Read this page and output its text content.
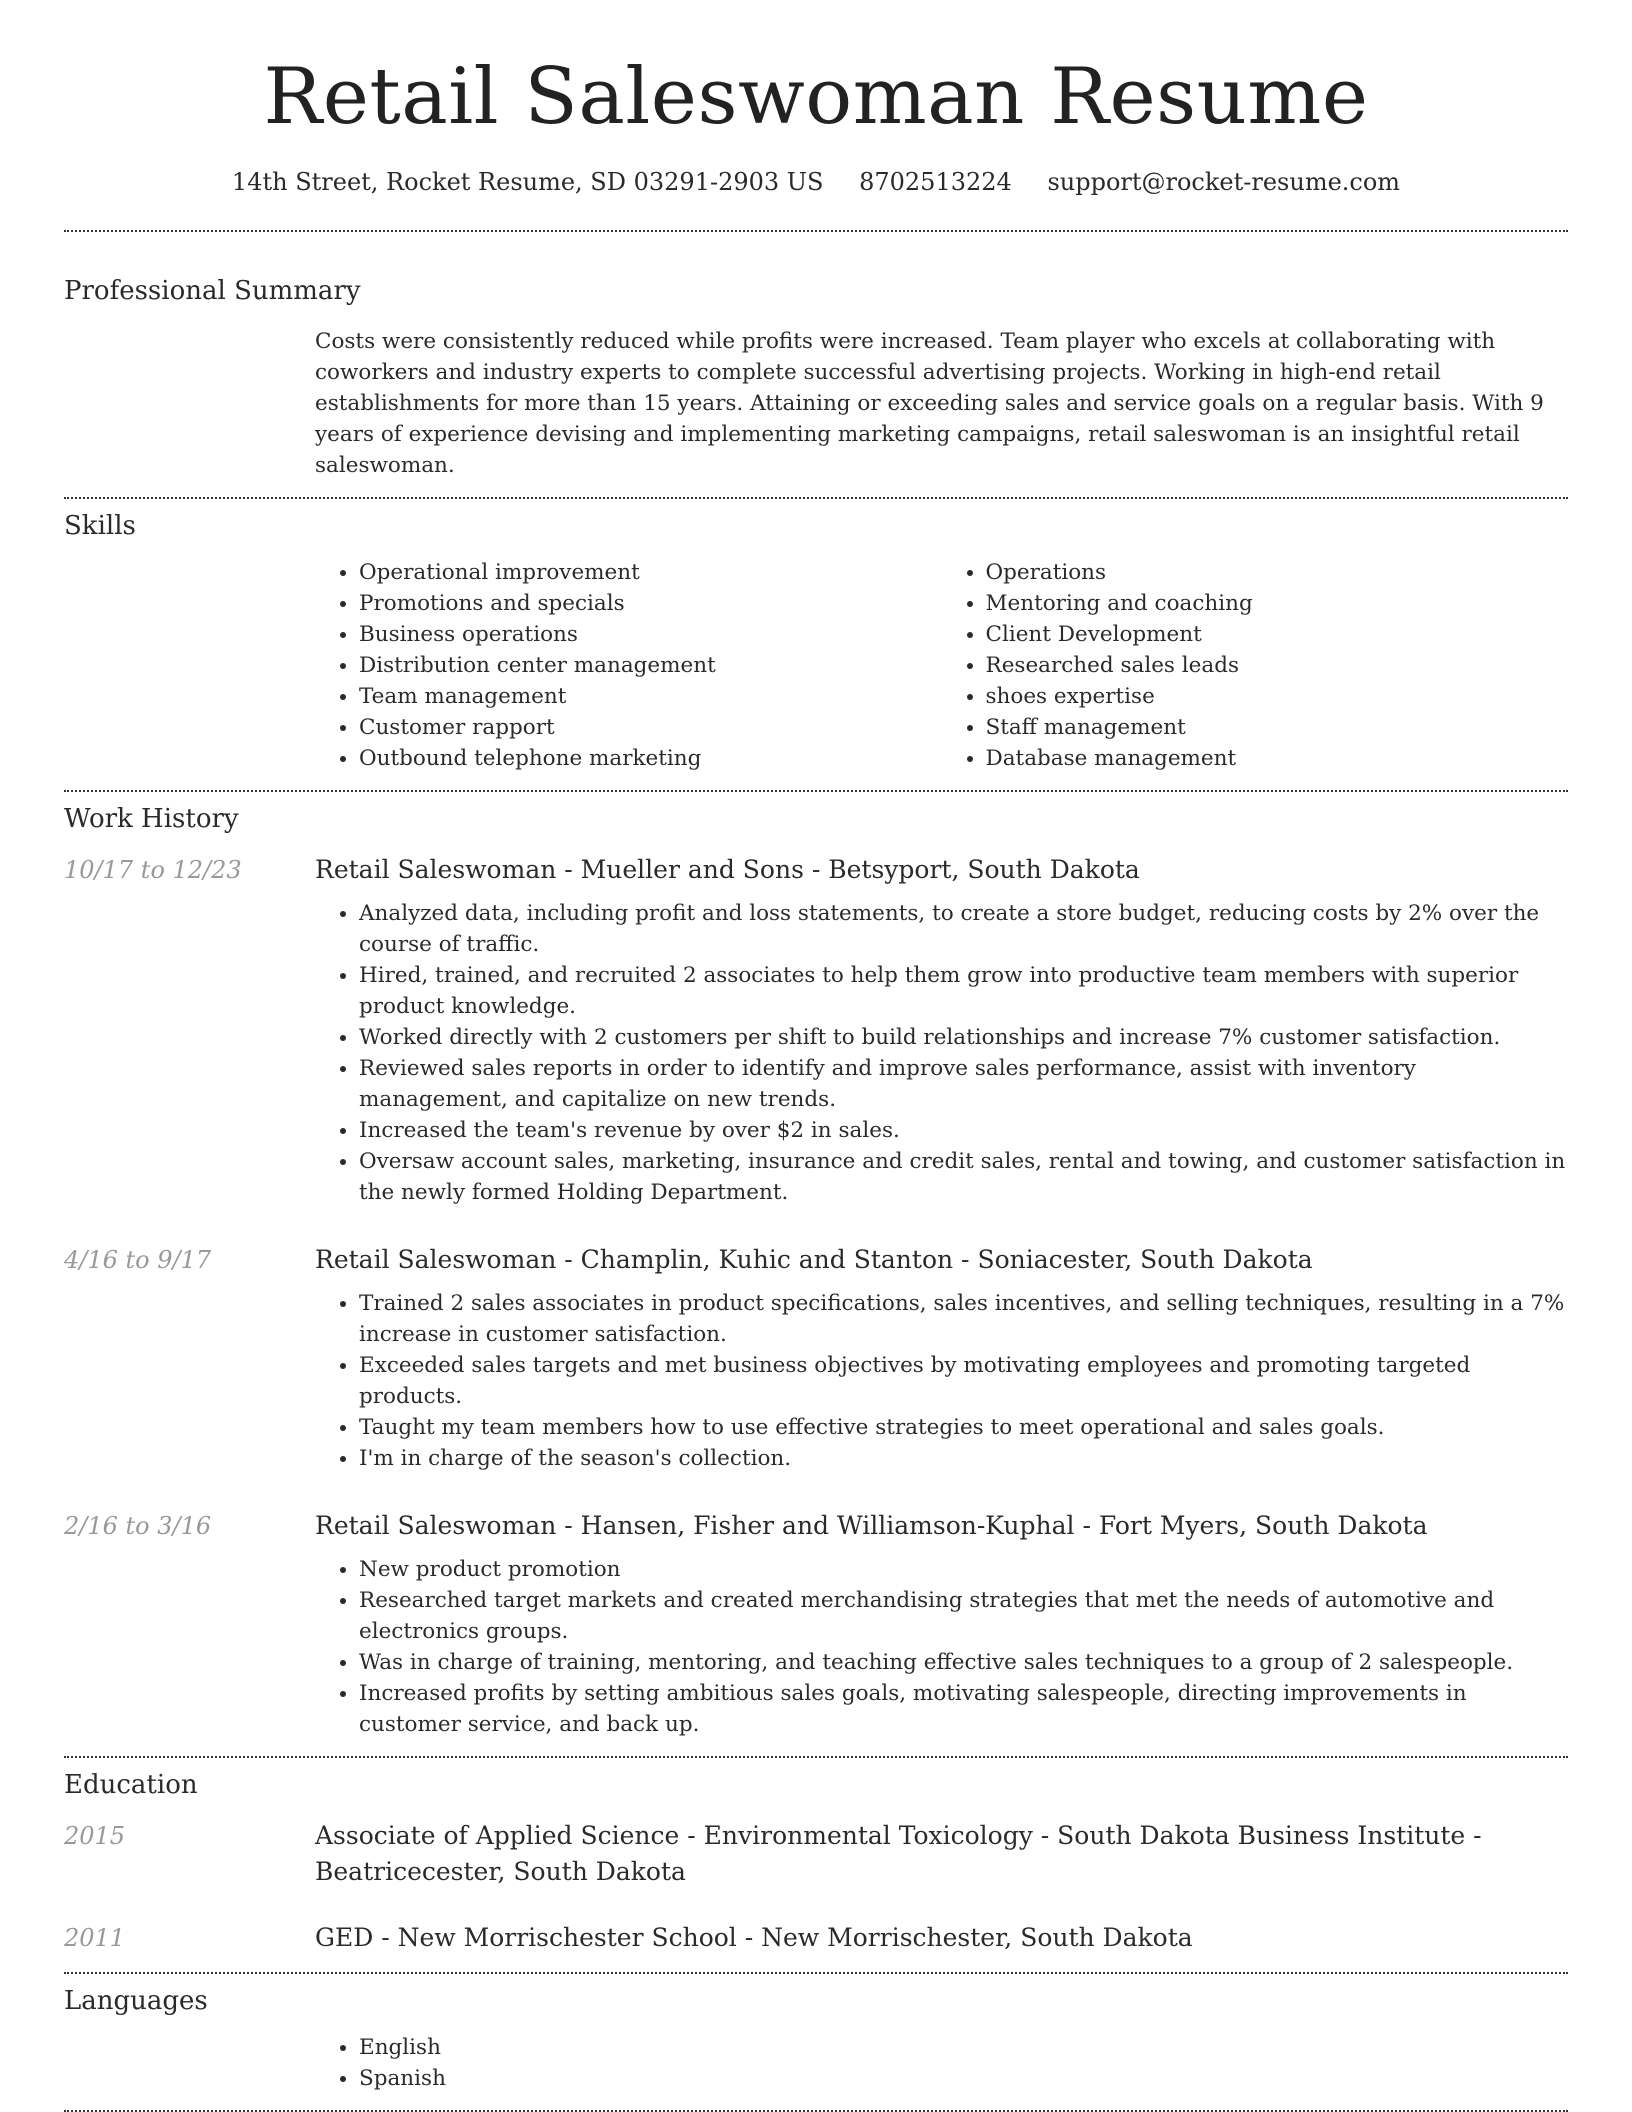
Retail Saleswoman Resume
14th Street, Rocket Resume, SD 03291-2903 US 8702513224 support@rocket-resume.com
Professional Summary
Costs were consistently reduced while profits were increased. Team player who excels at collaborating with coworkers and industry experts to complete successful advertising projects. Working in high-end retail establishments for more than 15 years. Attaining or exceeding sales and service goals on a regular basis. With 9 years of experience devising and implementing marketing campaigns, retail saleswoman is an insightful retail saleswoman.
Skills
• Operational improvement
• Promotions and specials
• Business operations
• Distribution center management
• Team management
• Customer rapport
• Outbound telephone marketing
• Operations
• Mentoring and coaching
• Client Development
• Researched sales leads
• shoes expertise
• Staff management
• Database management
Work History
10/17 to 12/23	Retail Saleswoman - Mueller and Sons - Betsyport, South Dakota
• Analyzed data, including profit and loss statements, to create a store budget, reducing costs by 2% over the course of traffic.
• Hired, trained, and recruited 2 associates to help them grow into productive team members with superior product knowledge.
• Worked directly with 2 customers per shift to build relationships and increase 7% customer satisfaction.
• Reviewed sales reports in order to identify and improve sales performance, assist with inventory management, and capitalize on new trends.
• Increased the team's revenue by over $2 in sales.
• Oversaw account sales, marketing, insurance and credit sales, rental and towing, and customer satisfaction in the newly formed Holding Department.
4/16 to 9/17	Retail Saleswoman - Champlin, Kuhic and Stanton - Soniacester, South Dakota
• Trained 2 sales associates in product specifications, sales incentives, and selling techniques, resulting in a 7% increase in customer satisfaction.
• Exceeded sales targets and met business objectives by motivating employees and promoting targeted products.
• Taught my team members how to use effective strategies to meet operational and sales goals.
• I'm in charge of the season's collection.
2/16 to 3/16	Retail Saleswoman - Hansen, Fisher and Williamson-Kuphal - Fort Myers, South Dakota
• New product promotion
• Researched target markets and created merchandising strategies that met the needs of automotive and electronics groups.
• Was in charge of training, mentoring, and teaching effective sales techniques to a group of 2 salespeople.
• Increased profits by setting ambitious sales goals, motivating salespeople, directing improvements in customer service, and back up.
Education
2015	Associate of Applied Science - Environmental Toxicology - South Dakota Business Institute - Beatricecester, South Dakota
2011	GED - New Morrischester School - New Morrischester, South Dakota
Languages
• English
• Spanish
